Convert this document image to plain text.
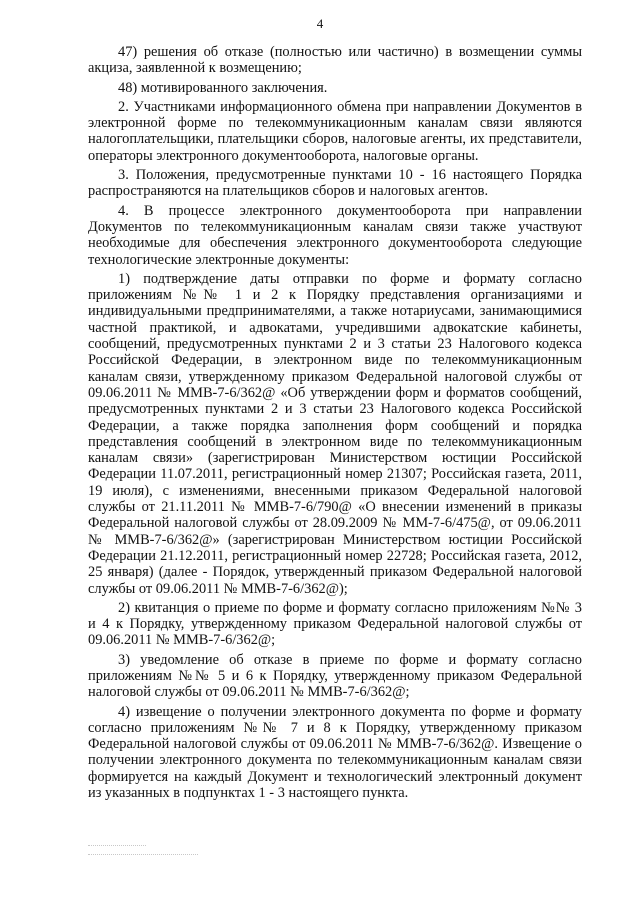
4

47) решения об отказе (полностью или частично) в возмещении суммы акциза, заявленной к возмещению;

48) мотивированного заключения.

2. Участниками информационного обмена при направлении Документов в электронной форме по телекоммуникационным каналам связи являются налогоплательщики, плательщики сборов, налоговые агенты, их представители, операторы электронного документооборота, налоговые органы.

3. Положения, предусмотренные пунктами 10 - 16 настоящего Порядка распространяются на плательщиков сборов и налоговых агентов.

4. В процессе электронного документооборота при направлении Документов по телекоммуникационным каналам связи также участвуют необходимые для обеспечения электронного документооборота следующие технологические электронные документы:

1) подтверждение даты отправки по форме и формату согласно приложениям №№ 1 и 2 к Порядку представления организациями и индивидуальными предпринимателями, а также нотариусами, занимающимися частной практикой, и адвокатами, учредившими адвокатские кабинеты, сообщений, предусмотренных пунктами 2 и 3 статьи 23 Налогового кодекса Российской Федерации, в электронном виде по телекоммуникационным каналам связи, утвержденному приказом Федеральной налоговой службы от 09.06.2011 № ММВ-7-6/362@ «Об утверждении форм и форматов сообщений, предусмотренных пунктами 2 и 3 статьи 23 Налогового кодекса Российской Федерации, а также порядка заполнения форм сообщений и порядка представления сообщений в электронном виде по телекоммуникационным каналам связи» (зарегистрирован Министерством юстиции Российской Федерации 11.07.2011, регистрационный номер 21307; Российская газета, 2011, 19 июля), с изменениями, внесенными приказом Федеральной налоговой службы от 21.11.2011 № ММВ-7-6/790@ «О внесении изменений в приказы Федеральной налоговой службы от 28.09.2009 № ММ-7-6/475@, от 09.06.2011 № ММВ-7-6/362@» (зарегистрирован Министерством юстиции Российской Федерации 21.12.2011, регистрационный номер 22728; Российская газета, 2012, 25 января) (далее - Порядок, утвержденный приказом Федеральной налоговой службы от 09.06.2011 № ММВ-7-6/362@);

2) квитанция о приеме по форме и формату согласно приложениям №№ 3 и 4 к Порядку, утвержденному приказом Федеральной налоговой службы от 09.06.2011 № ММВ-7-6/362@;

3) уведомление об отказе в приеме по форме и формату согласно приложениям №№ 5 и 6 к Порядку, утвержденному приказом Федеральной налоговой службы от 09.06.2011 № ММВ-7-6/362@;

4) извещение о получении электронного документа по форме и формату согласно приложениям №№ 7 и 8 к Порядку, утвержденному приказом Федеральной налоговой службы от 09.06.2011 № ММВ-7-6/362@. Извещение о получении электронного документа по телекоммуникационным каналам связи формируется на каждый Документ и технологический электронный документ из указанных в подпунктах 1 - 3 настоящего пункта.
